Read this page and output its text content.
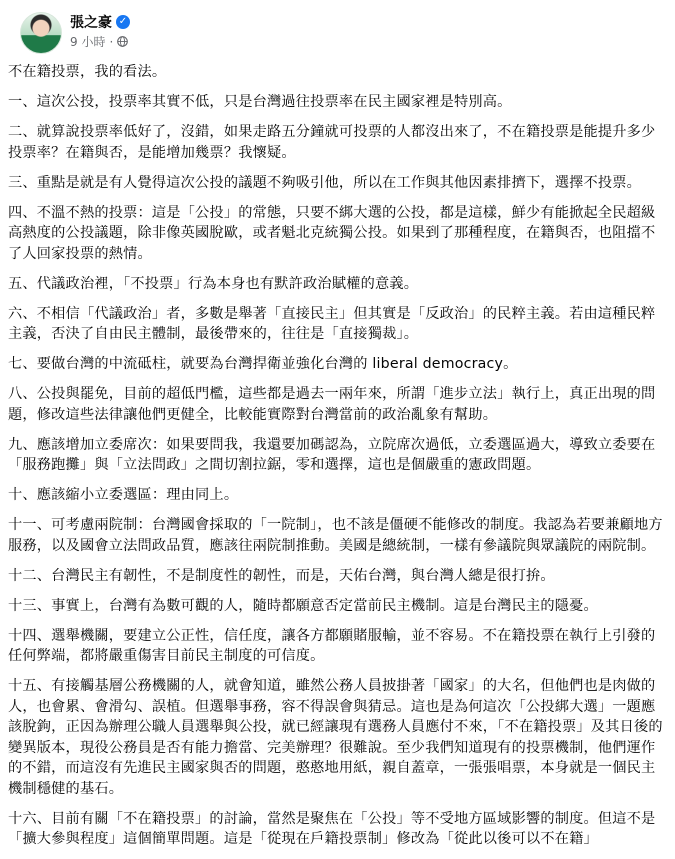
張之豪 ✓
9 小時 ·

不在籍投票，我的看法。

一、這次公投，投票率其實不低，只是台灣過往投票率在民主國家裡是特別高。

二、就算說投票率低好了，沒錯，如果走路五分鐘就可投票的人都沒出來了，不在籍投票是能提升多少投票率？在籍與否，是能增加幾票？我懷疑。

三、重點是就是有人覺得這次公投的議題不夠吸引他，所以在工作與其他因素排擠下，選擇不投票。

四、不溫不熱的投票：這是「公投」的常態，只要不綁大選的公投，都是這樣，鮮少有能掀起全民超級高熱度的公投議題，除非像英國脫歐，或者魁北克統獨公投。如果到了那種程度，在籍與否，也阻擋不了人回家投票的熱情。

五、代議政治裡，「不投票」行為本身也有默許政治賦權的意義。

六、不相信「代議政治」者，多數是舉著「直接民主」但其實是「反政治」的民粹主義。若由這種民粹主義，否決了自由民主體制，最後帶來的，往往是「直接獨裁」。

七、要做台灣的中流砥柱，就要為台灣捍衛並強化台灣的 liberal democracy。

八、公投與罷免，目前的超低門檻，這些都是過去一兩年來，所謂「進步立法」執行上，真正出現的問題，修改這些法律讓他們更健全，比較能實際對台灣當前的政治亂象有幫助。

九、應該增加立委席次：如果要問我，我還要加碼認為，立院席次過低，立委選區過大，導致立委要在「服務跑攤」與「立法問政」之間切割拉鋸，零和選擇，這也是個嚴重的憲政問題。

十、應該縮小立委選區：理由同上。

十一、可考慮兩院制：台灣國會採取的「一院制」，也不該是僵硬不能修改的制度。我認為若要兼顧地方服務，以及國會立法問政品質，應該往兩院制推動。美國是總統制，一樣有參議院與眾議院的兩院制。

十二、台灣民主有韌性，不是制度性的韌性，而是，天佑台灣，與台灣人總是很打拚。

十三、事實上，台灣有為數可觀的人，隨時都願意否定當前民主機制。這是台灣民主的隱憂。

十四、選舉機關，要建立公正性，信任度，讓各方都願賭服輸，並不容易。不在籍投票在執行上引發的任何弊端，都將嚴重傷害目前民主制度的可信度。

十五、有接觸基層公務機關的人，就會知道，雖然公務人員披掛著「國家」的大名，但他們也是肉做的人，也會累、會滑勾、誤植。但選舉事務，容不得誤會與猜忌。這也是為何這次「公投綁大選」一題應該脫鉤，正因為辦理公職人員選舉與公投，就已經讓現有選務人員應付不來，「不在籍投票」及其日後的變異版本，現役公務員是否有能力擔當、完美辦理？很難說。至少我們知道現有的投票機制，他們運作的不錯，而這沒有先進民主國家與否的問題，憨憨地用紙，親自蓋章，一張張唱票，本身就是一個民主機制穩健的基石。

十六、目前有關「不在籍投票」的討論，當然是聚焦在「公投」等不受地方區域影響的制度。但這不是「擴大參與程度」這個簡單問題。這是「從現在戶籍投票制」修改為「從此以後可以不在籍」
